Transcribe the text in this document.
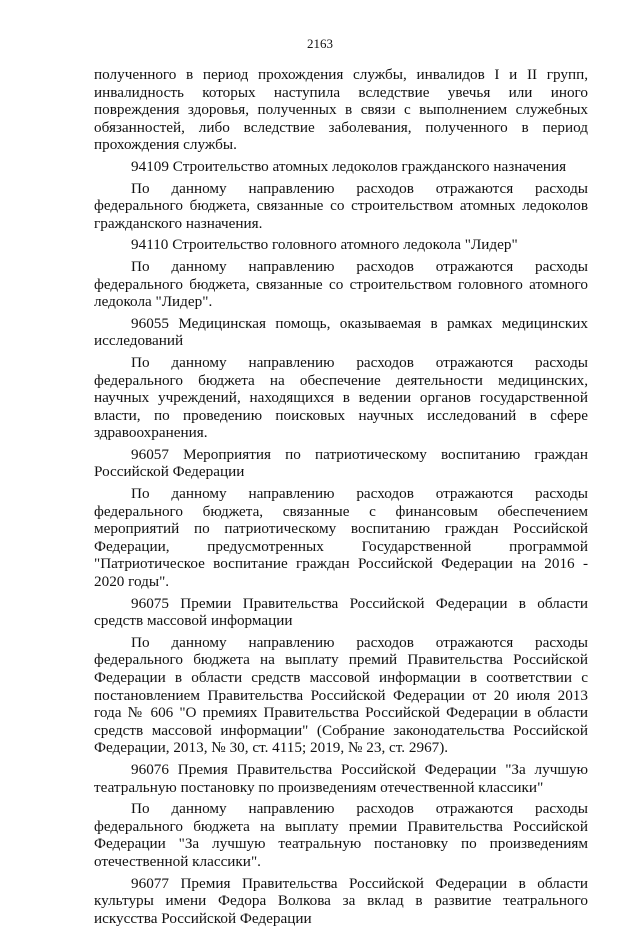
2163

полученного в период прохождения службы, инвалидов I и II групп, инвалидность которых наступила вследствие увечья или иного повреждения здоровья, полученных в связи с выполнением служебных обязанностей, либо вследствие заболевания, полученного в период прохождения службы.

94109 Строительство атомных ледоколов гражданского назначения

По данному направлению расходов отражаются расходы федерального бюджета, связанные со строительством атомных ледоколов гражданского назначения.

94110 Строительство головного атомного ледокола "Лидер"

По данному направлению расходов отражаются расходы федерального бюджета, связанные со строительством головного атомного ледокола "Лидер".

96055 Медицинская помощь, оказываемая в рамках медицинских исследований

По данному направлению расходов отражаются расходы федерального бюджета на обеспечение деятельности медицинских, научных учреждений, находящихся в ведении органов государственной власти, по проведению поисковых научных исследований в сфере здравоохранения.

96057 Мероприятия по патриотическому воспитанию граждан Российской Федерации

По данному направлению расходов отражаются расходы федерального бюджета, связанные с финансовым обеспечением мероприятий по патриотическому воспитанию граждан Российской Федерации, предусмотренных Государственной программой "Патриотическое воспитание граждан Российской Федерации на 2016 - 2020 годы".

96075 Премии Правительства Российской Федерации в области средств массовой информации

По данному направлению расходов отражаются расходы федерального бюджета на выплату премий Правительства Российской Федерации в области средств массовой информации в соответствии с постановлением Правительства Российской Федерации от 20 июля 2013 года № 606 "О премиях Правительства Российской Федерации в области средств массовой информации" (Собрание законодательства Российской Федерации, 2013, № 30, ст. 4115; 2019, № 23, ст. 2967).

96076 Премия Правительства Российской Федерации "За лучшую театральную постановку по произведениям отечественной классики"

По данному направлению расходов отражаются расходы федерального бюджета на выплату премии Правительства Российской Федерации "За лучшую театральную постановку по произведениям отечественной классики".

96077 Премия Правительства Российской Федерации в области культуры имени Федора Волкова за вклад в развитие театрального искусства Российской Федерации
